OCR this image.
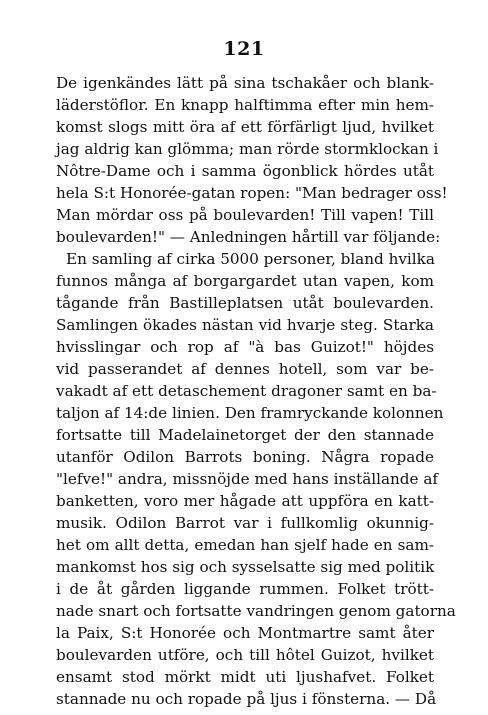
121
De igenkändes lätt på sina tschakåer och blank-
läderstöflor. En knapp halftimma efter min hem-
komst slogs mitt öra af ett förfärligt ljud, hvilket
jag aldrig kan glömma; man rörde stormklockan i
Nôtre-Dame och i samma ögonblick hördes utåt
hela S:t Honorée-gatan ropen: "Man bedrager oss!
Man mördar oss på boulevarden! Till vapen! Till
boulevarden!" — Anledningen hårtill var följande:
En samling af cirka 5000 personer, bland hvilka
funnos många af borgargardet utan vapen, kom
tågande från Bastilleplatsen utåt boulevarden.
Samlingen ökades nästan vid hvarje steg. Starka
hvisslingar och rop af "à bas Guizot!" höjdes
vid passerandet af dennes hotell, som var be-
vakadt af ett detaschement dragoner samt en ba-
taljon af 14:de linien. Den framryckande kolonnen
fortsatte till Madelainetorget der den stannade
utanför Odilon Barrots boning. Några ropade
"lefve!" andra, missnöjde med hans inställande af
banketten, voro mer hågade att uppföra en katt-
musik. Odilon Barrot var i fullkomlig okunnig-
het om allt detta, emedan han sjelf hade en sam-
mankomst hos sig och sysselsatte sig med politik
i de åt gården liggande rummen. Folket trött-
nade snart och fortsatte vandringen genom gatorna
la Paix, S:t Honorée och Montmartre samt åter
boulevarden utföre, och till hôtel Guizot, hvilket
ensamt stod mörkt midt uti ljushafvet. Folket
stannade nu och ropade på ljus i fönsterna. — Då
